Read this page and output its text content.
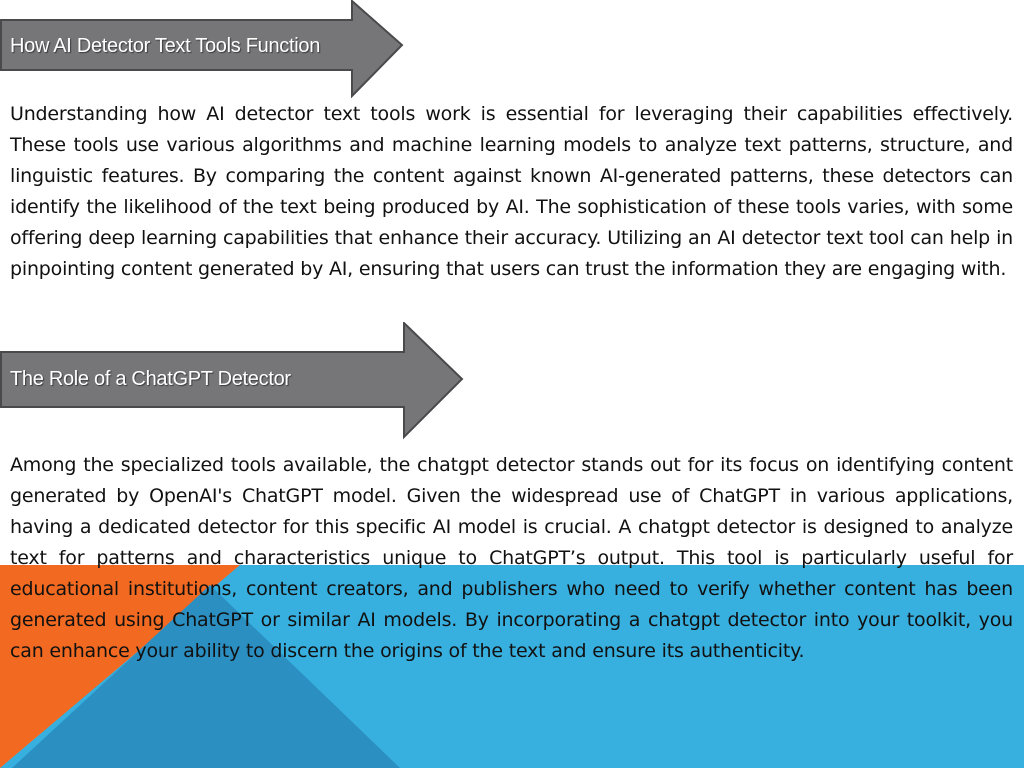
How AI Detector Text Tools Function

Understanding how AI detector text tools work is essential for leveraging their capabilities effectively. These tools use various algorithms and machine learning models to analyze text patterns, structure, and linguistic features. By comparing the content against known AI-generated patterns, these detectors can identify the likelihood of the text being produced by AI. The sophistication of these tools varies, with some offering deep learning capabilities that enhance their accuracy. Utilizing an AI detector text tool can help in pinpointing content generated by AI, ensuring that users can trust the information they are engaging with.

The Role of a ChatGPT Detector

Among the specialized tools available, the chatgpt detector stands out for its focus on identifying content generated by OpenAI's ChatGPT model. Given the widespread use of ChatGPT in various applications, having a dedicated detector for this specific AI model is crucial. A chatgpt detector is designed to analyze text for patterns and characteristics unique to ChatGPT’s output. This tool is particularly useful for educational institutions, content creators, and publishers who need to verify whether content has been generated using ChatGPT or similar AI models. By incorporating a chatgpt detector into your toolkit, you can enhance your ability to discern the origins of the text and ensure its authenticity.
